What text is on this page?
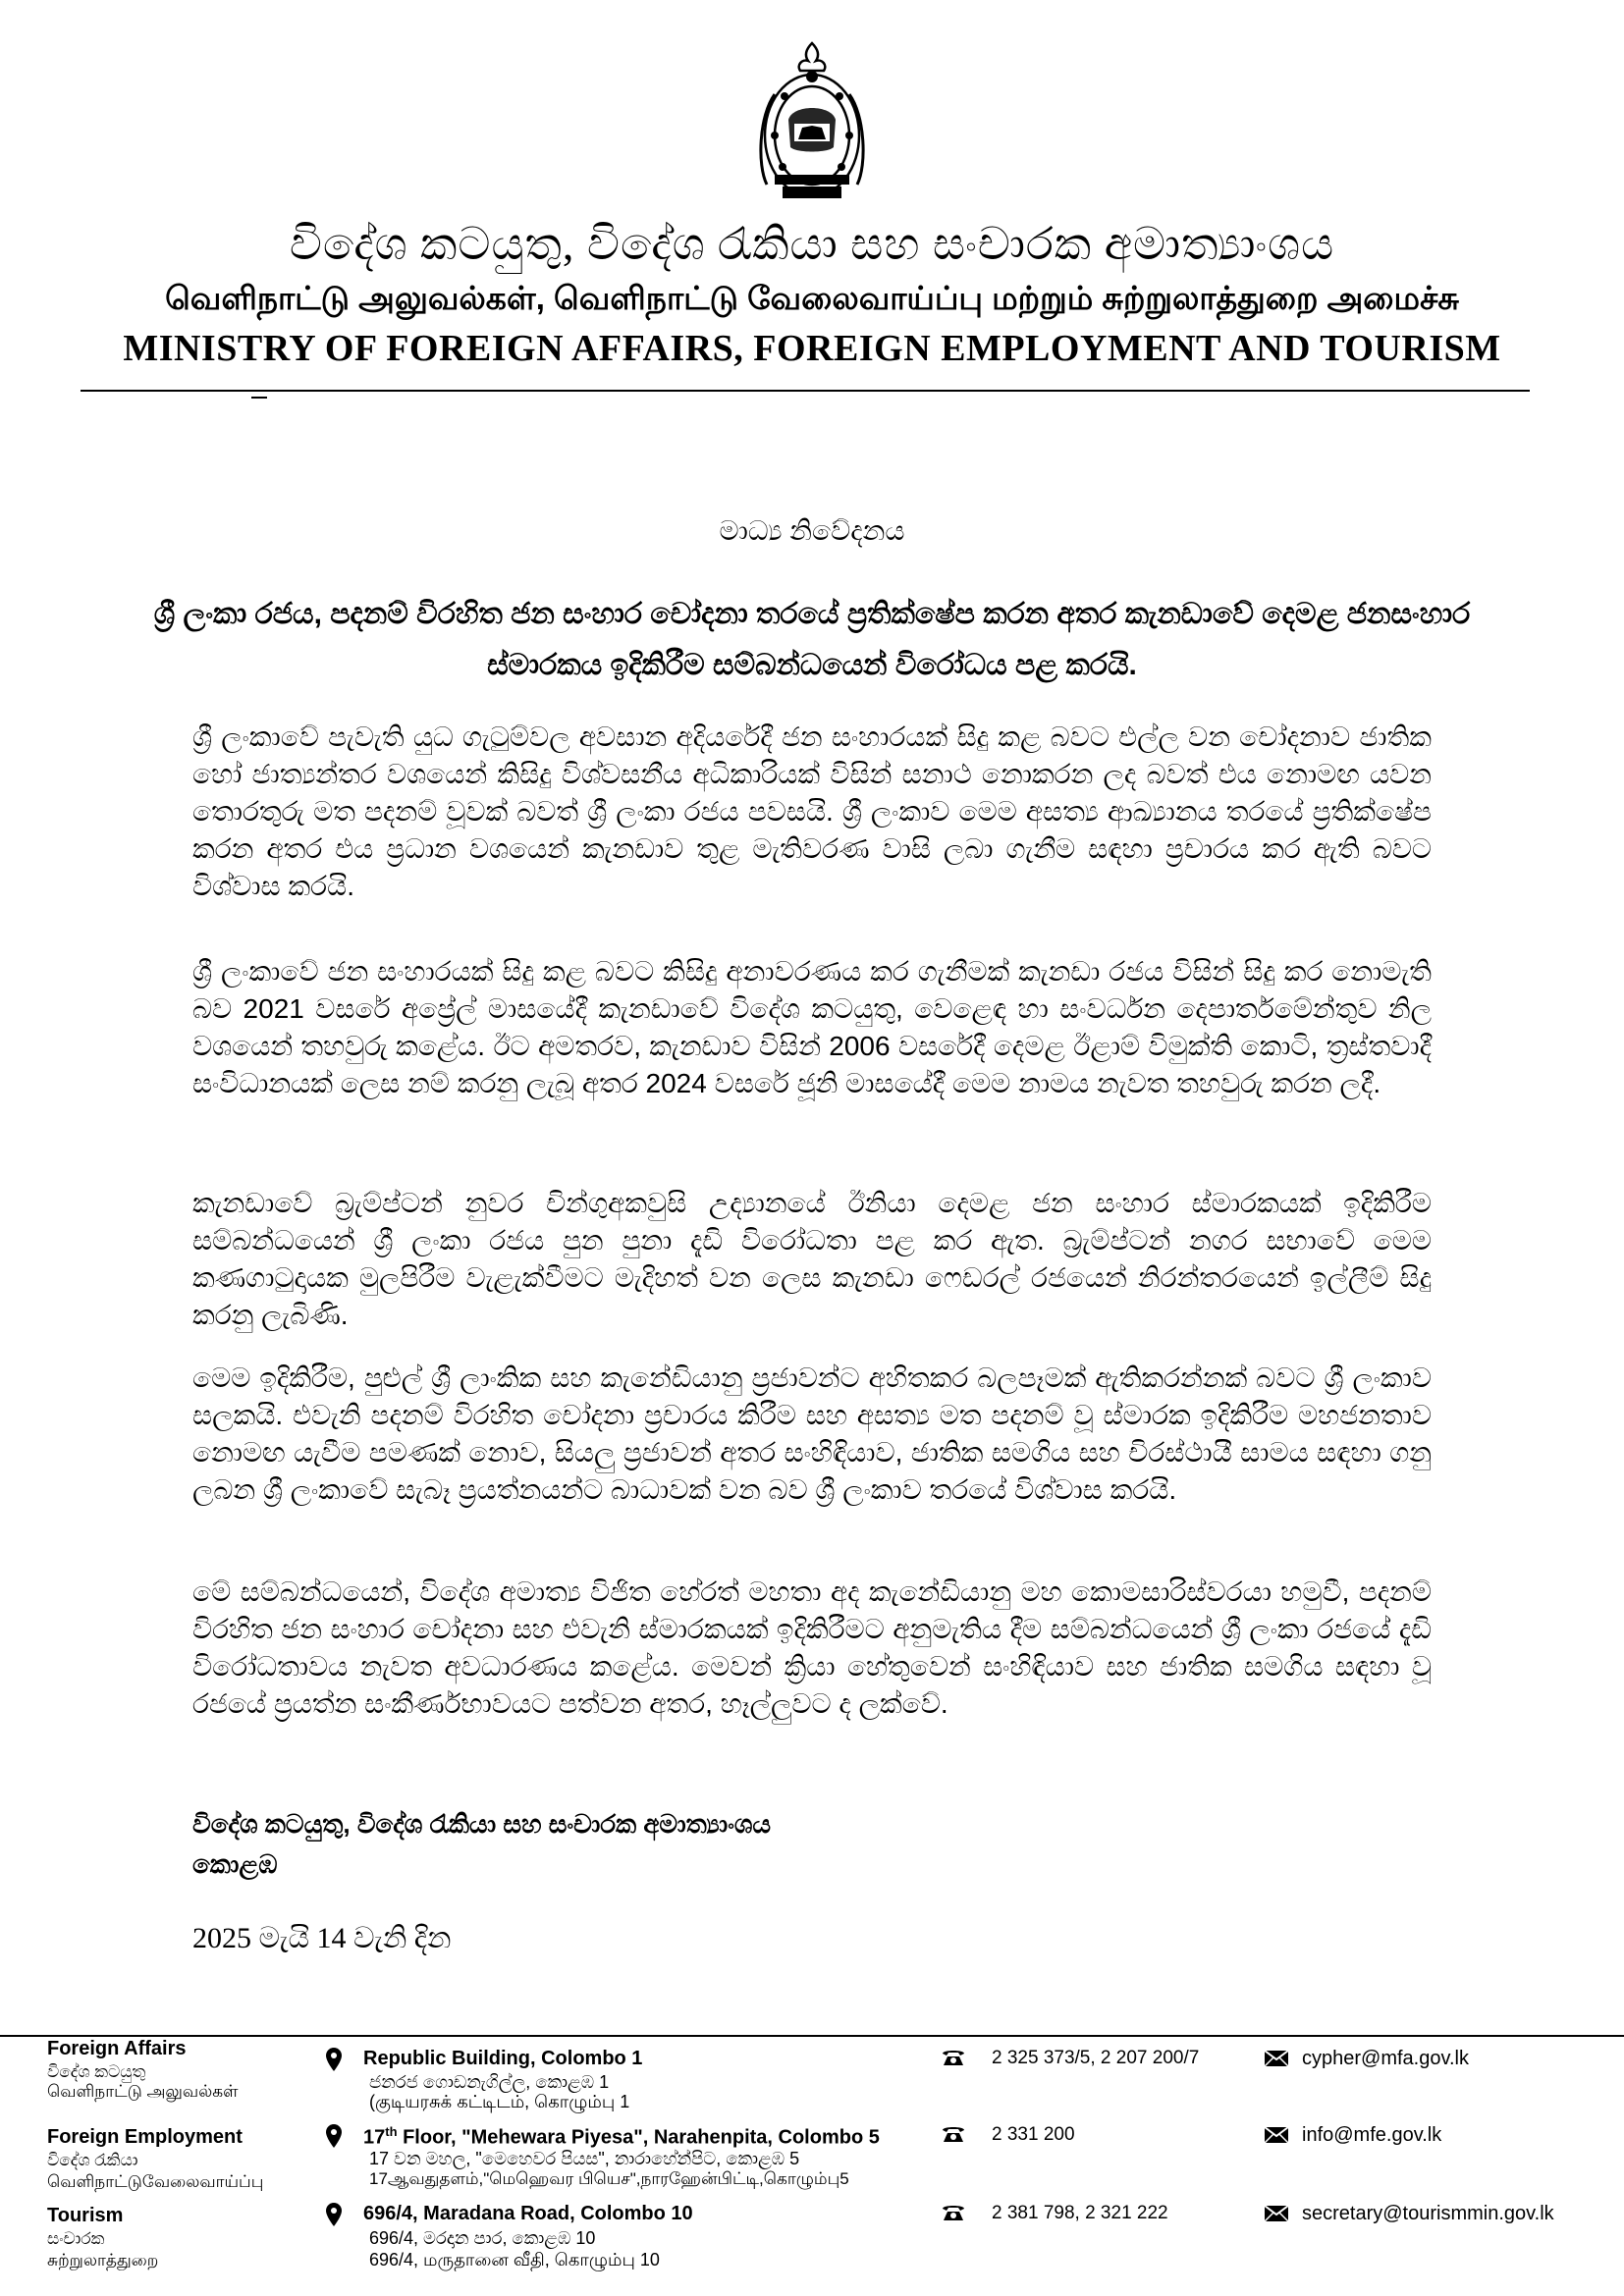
විදේශ කටයුතු, විදේශ රැකියා සහ සංචාරක අමාත්‍යාංශය
வெளிநாட்டு அலுவல்கள், வெளிநாட்டு வேலைவாய்ப்பு மற்றும் சுற்றுலாத்துறை அமைச்சு
MINISTRY OF FOREIGN AFFAIRS, FOREIGN EMPLOYMENT AND TOURISM
මාධ්‍ය නිවේදනය
ශ්‍රී ලංකා රජය, පදනම් විරහිත ජන සංහාර චෝදනා තරයේ ප්‍රතික්ෂේප කරන අතර කැනඩාවේ දෙමළ ජනසංහාර ස්මාරකය ඉදිකිරීම සම්බන්ධයෙන් විරෝධය පළ කරයි.

ශ්‍රී ලංකාවේ පැවැති යුධ ගැටුම්වල අවසාන අදියරේදී ජන සංහාරයක් සිදු කළ බවට එල්ල වන චෝදනාව ජාතික හෝ ජාත්‍යන්තර වශයෙන් කිසිදු විශ්වසනීය අධිකාරියක් විසින් සනාථ නොකරන ලද බවත් එය නොමඟ යවන තොරතුරු මත පදනම් වූවක් බවත් ශ්‍රී ලංකා රජය පවසයි. ශ්‍රී ලංකාව මෙම අසත්‍ය ආඛ්‍යානය තරයේ ප්‍රතික්ෂේප කරන අතර එය ප්‍රධාන වශයෙන් කැනඩාව තුළ මැතිවරණ වාසි ලබා ගැනීම සඳහා ප්‍රචාරය කර ඇති බවට විශ්වාස කරයි.

ශ්‍රී ලංකාවේ ජන සංහාරයක් සිදු කළ බවට කිසිදු අනාවරණය කර ගැනීමක් කැනඩා රජය විසින් සිදු කර නොමැති බව 2021 වසරේ අප්‍රේල් මාසයේදී කැනඩාවේ විදේශ කටයුතු, වෙළෙඳ හා සංවර්ධන දෙපාර්තමේන්තුව නිල වශයෙන් තහවුරු කළේය. ඊට අමතරව, කැනඩාව විසින් 2006 වසරේදී දෙමළ ඊළාම් විමුක්ති කොටි, ත්‍රස්තවාදී සංවිධානයක් ලෙස නම් කරනු ලැබූ අතර 2024 වසරේ ජූනි මාසයේදී මෙම නාමය නැවත තහවුරු කරන ලදී.

කැනඩාවේ බ්‍රැම්ප්ටන් නුවර චින්ගුඅකවුසි උද්‍යානයේ ඊනියා දෙමළ ජන සංහාර ස්මාරකයක් ඉදිකිරීම සම්බන්ධයෙන් ශ්‍රී ලංකා රජය පුන පුනා දැඩි විරෝධතා පළ කර ඇත. බ්‍රැම්ප්ටන් නගර සභාවේ මෙම කණගාටුදායක මුලපිරීම වැළැක්වීමට මැදිහත් වන ලෙස කැනඩා ෆෙඩරල් රජයෙන් නිරන්තරයෙන් ඉල්ලීම් සිදු කරනු ලැබිණි.

මෙම ඉදිකිරීම, පුළුල් ශ්‍රී ලාංකික සහ කැනේඩියානු ප්‍රජාවන්ට අහිතකර බලපෑමක් ඇතිකරන්නක් බවට ශ්‍රී ලංකාව සලකයි. එවැනි පදනම් විරහිත චෝදනා ප්‍රචාරය කිරීම සහ අසත්‍ය මත පදනම් වූ ස්මාරක ඉදිකිරීම මහජනතාව නොමඟ යැවීම පමණක් නොව, සියලු ප්‍රජාවන් අතර සංහිඳියාව, ජාතික සමගිය සහ චිරස්ථායී සාමය සඳහා ගනු ලබන ශ්‍රී ලංකාවේ සැබෑ ප්‍රයත්නයන්ට බාධාවක් වන බව ශ්‍රී ලංකාව තරයේ විශ්වාස කරයි.

මේ සම්බන්ධයෙන්, විදේශ අමාත්‍ය විජිත හේරත් මහතා අද කැනේඩියානු මහ කොමසාරිස්වරයා හමුවී, පදනම් විරහිත ජන සංහාර චෝදනා සහ එවැනි ස්මාරකයක් ඉදිකිරීමට අනුමැතිය දීම සම්බන්ධයෙන් ශ්‍රී ලංකා රජයේ දැඩි විරෝධතාවය නැවත අවධාරණය කළේය. මෙවන් ක්‍රියා හේතුවෙන් සංහිඳියාව සහ ජාතික සමගිය සඳහා වූ රජයේ ප්‍රයත්න සංකීර්ණභාවයට පත්වන අතර, හෑල්ලුවට ද ලක්වේ.

විදේශ කටයුතු, විදේශ රැකියා සහ සංචාරක අමාත්‍යාංශය
කොළඹ
2025 මැයි 14 වැනි දින
Foreign Affairs
විදේශ කටයුතු
வெளிநாட்டு அலுவல்கள்
Republic Building, Colombo 1
ජනරජ ගොඩනැගිල්ල, කොළඹ 1
(குடியரசுக் கட்டிடம், கொழும்பு 1
2 325 373/5, 2 207 200/7	cypher@mfa.gov.lk
Foreign Employment
විදේශ රැකියා
வெளிநாட்டுவேலைவாய்ப்பு
17th Floor, "Mehewara Piyesa", Narahenpita, Colombo 5
17 වන මහල, "මෙහෙවර පියස", නාරාහේන්පිට, කොළඹ 5
17ஆவதுதளம்,"மெஹெவர பியெச",நாரஹேன்பிட்டி,கொழும்பு5
2 331 200	info@mfe.gov.lk
Tourism
සංචාරක
சுற்றுலாத்துறை
696/4, Maradana Road, Colombo 10
696/4, මරදාන පාර, කොළඹ 10
696/4, மருதானை வீதி, கொழும்பு 10
2 381 798, 2 321 222	secretary@tourismmin.gov.lk
